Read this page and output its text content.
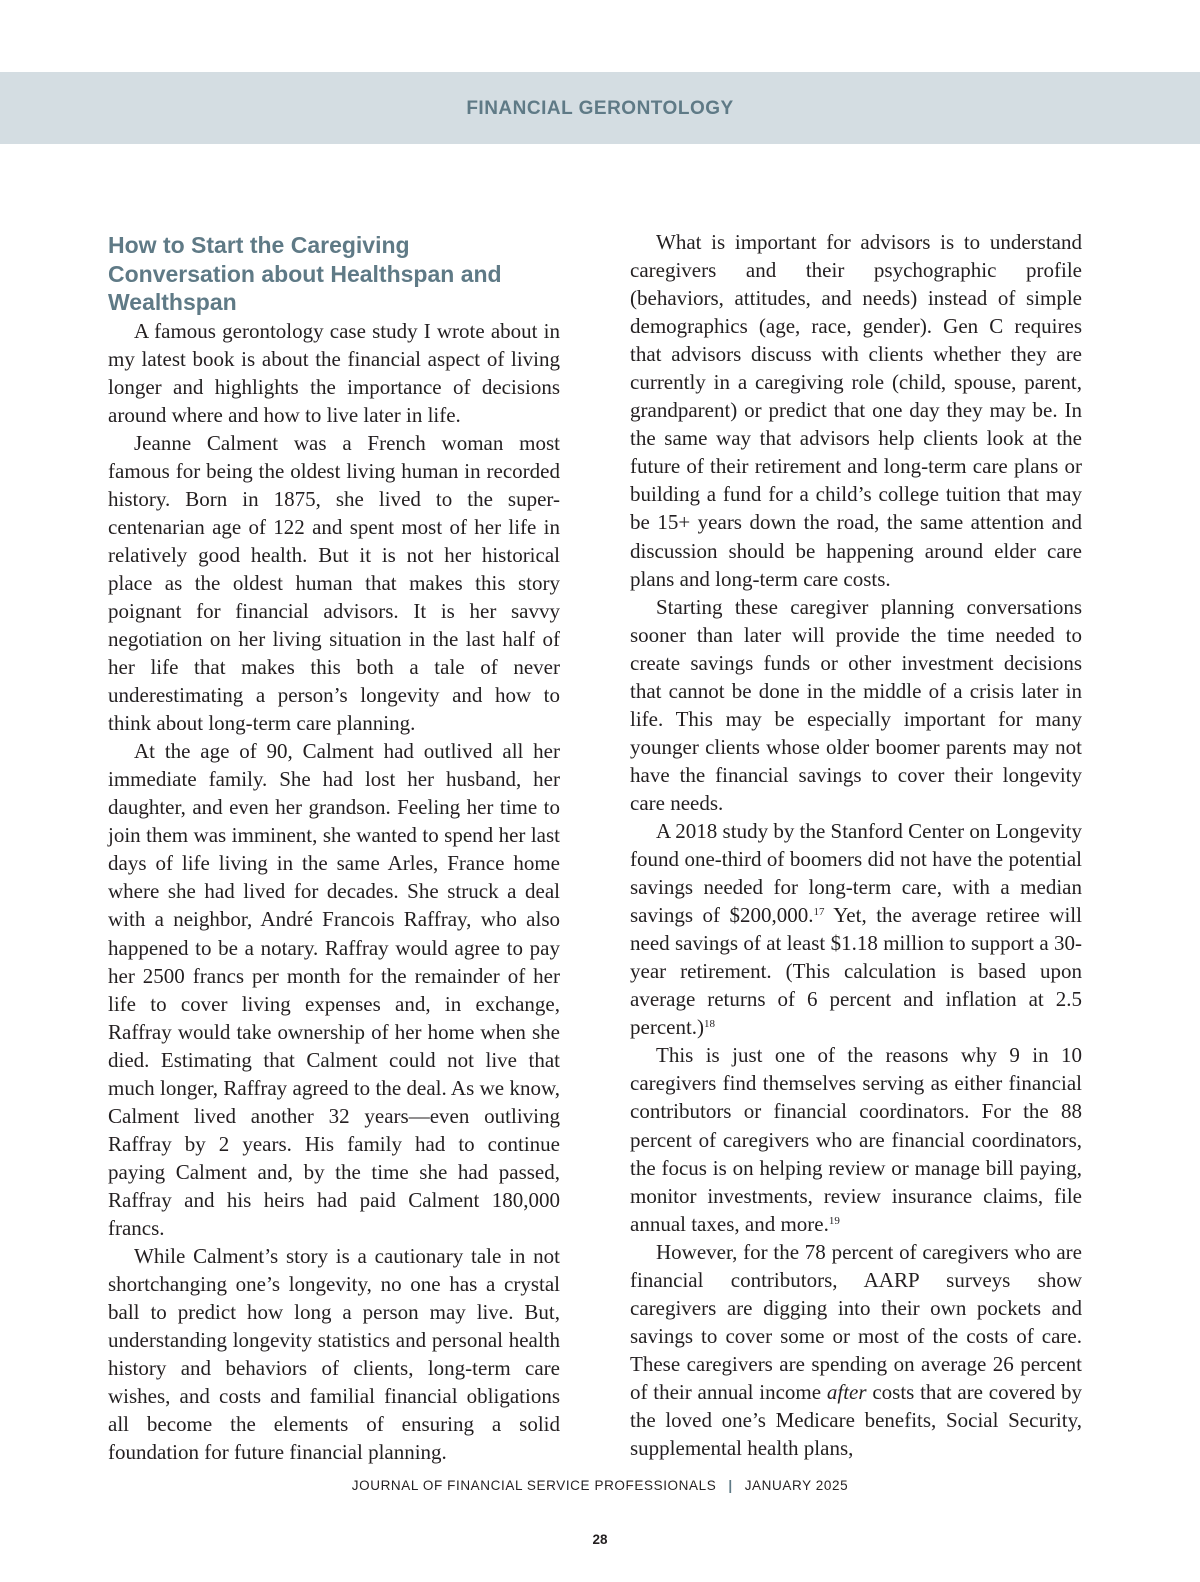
FINANCIAL GERONTOLOGY
How to Start the Caregiving Conversation about Healthspan and Wealthspan

A famous gerontology case study I wrote about in my latest book is about the financial aspect of living longer and highlights the importance of decisions around where and how to live later in life.

Jeanne Calment was a French woman most famous for being the oldest living human in recorded history. Born in 1875, she lived to the super-centenarian age of 122 and spent most of her life in relatively good health. But it is not her historical place as the oldest human that makes this story poignant for financial advisors. It is her savvy negotiation on her living situation in the last half of her life that makes this both a tale of never underestimating a person’s longevity and how to think about long-term care planning.

At the age of 90, Calment had outlived all her immediate family. She had lost her husband, her daughter, and even her grandson. Feeling her time to join them was imminent, she wanted to spend her last days of life living in the same Arles, France home where she had lived for decades. She struck a deal with a neighbor, André Francois Raffray, who also happened to be a notary. Raffray would agree to pay her 2500 francs per month for the remainder of her life to cover living expenses and, in exchange, Raffray would take ownership of her home when she died. Estimating that Calment could not live that much longer, Raffray agreed to the deal. As we know, Calment lived another 32 years—even outliving Raffray by 2 years. His family had to continue paying Calment and, by the time she had passed, Raffray and his heirs had paid Calment 180,000 francs.

While Calment’s story is a cautionary tale in not shortchanging one’s longevity, no one has a crystal ball to predict how long a person may live. But, understanding longevity statistics and personal health history and behaviors of clients, long-term care wishes, and costs and familial financial obligations all become the elements of ensuring a solid foundation for future financial planning.

What is important for advisors is to understand caregivers and their psychographic profile (behaviors, attitudes, and needs) instead of simple demographics (age, race, gender). Gen C requires that advisors discuss with clients whether they are currently in a caregiving role (child, spouse, parent, grandparent) or predict that one day they may be. In the same way that advisors help clients look at the future of their retirement and long-term care plans or building a fund for a child’s college tuition that may be 15+ years down the road, the same attention and discussion should be happening around elder care plans and long-term care costs.

Starting these caregiver planning conversations sooner than later will provide the time needed to create savings funds or other investment decisions that cannot be done in the middle of a crisis later in life. This may be especially important for many younger clients whose older boomer parents may not have the financial savings to cover their longevity care needs.

A 2018 study by the Stanford Center on Longevity found one-third of boomers did not have the potential savings needed for long-term care, with a median savings of $200,000.17 Yet, the average retiree will need savings of at least $1.18 million to support a 30-year retirement. (This calculation is based upon average returns of 6 percent and inflation at 2.5 percent.)$^{18}$

This is just one of the reasons why 9 in 10 caregivers find themselves serving as either financial contributors or financial coordinators. For the 88 percent of caregivers who are financial coordinators, the focus is on helping review or manage bill paying, monitor investments, review insurance claims, file annual taxes, and more.$^{19}$

However, for the 78 percent of caregivers who are financial contributors, AARP surveys show caregivers are digging into their own pockets and savings to cover some or most of the costs of care. These caregivers are spending on average 26 percent of their annual income after costs that are covered by the loved one’s Medicare benefits, Social Security, supplemental health plans,

JOURNAL OF FINANCIAL SERVICE PROFESSIONALS | JANUARY 2025
28
